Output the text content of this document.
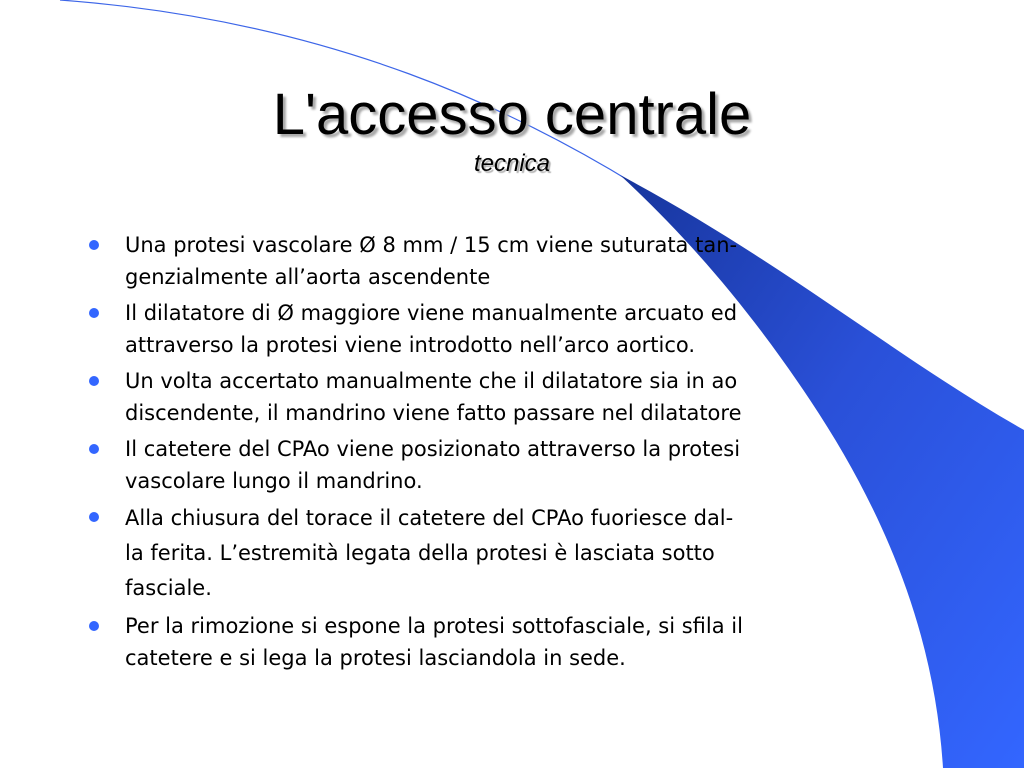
L'accesso centrale
tecnica
Una protesi vascolare Ø 8 mm / 15 cm viene suturata tan-
genzialmente all’aorta ascendente
Il dilatatore di Ø maggiore viene manualmente arcuato ed
attraverso la protesi viene introdotto nell’arco aortico.
Un volta accertato manualmente che il dilatatore sia in ao
discendente, il mandrino viene fatto passare nel dilatatore
Il catetere del CPAo viene posizionato attraverso la protesi
vascolare lungo il mandrino.
Alla chiusura del torace il catetere del CPAo fuoriesce dal-
la ferita. L’estremità legata della protesi è lasciata sotto
fasciale.
Per la rimozione si espone la protesi sottofasciale, si sfila il
catetere e si lega la protesi lasciandola in sede.
